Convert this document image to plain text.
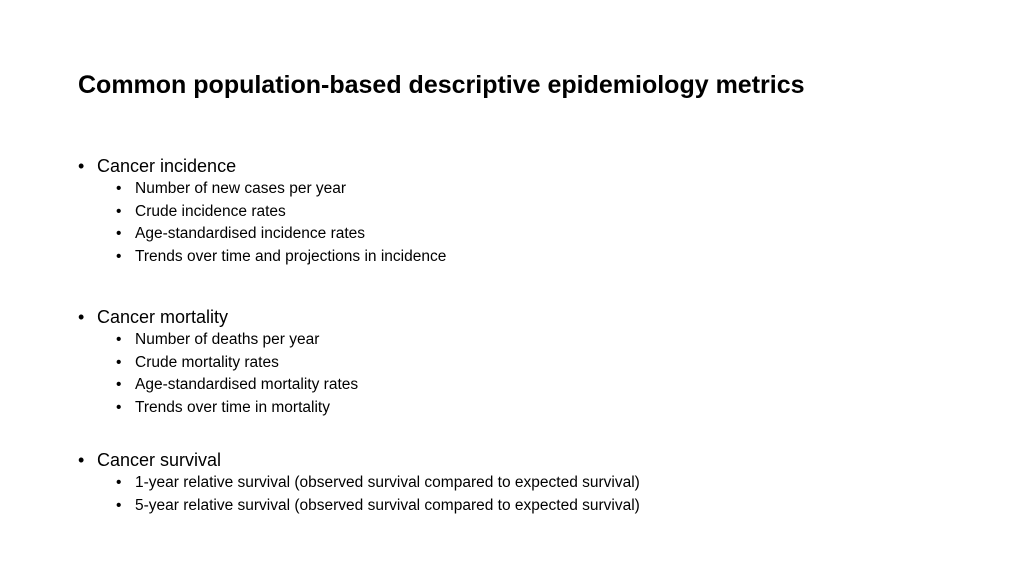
Common population-based descriptive epidemiology metrics
• Cancer incidence
• Number of new cases per year
• Crude incidence rates
• Age-standardised incidence rates
• Trends over time and projections in incidence
• Cancer mortality
• Number of deaths per year
• Crude mortality rates
• Age-standardised mortality rates
• Trends over time in mortality
• Cancer survival
• 1-year relative survival (observed survival compared to expected survival)
• 5-year relative survival (observed survival compared to expected survival)
